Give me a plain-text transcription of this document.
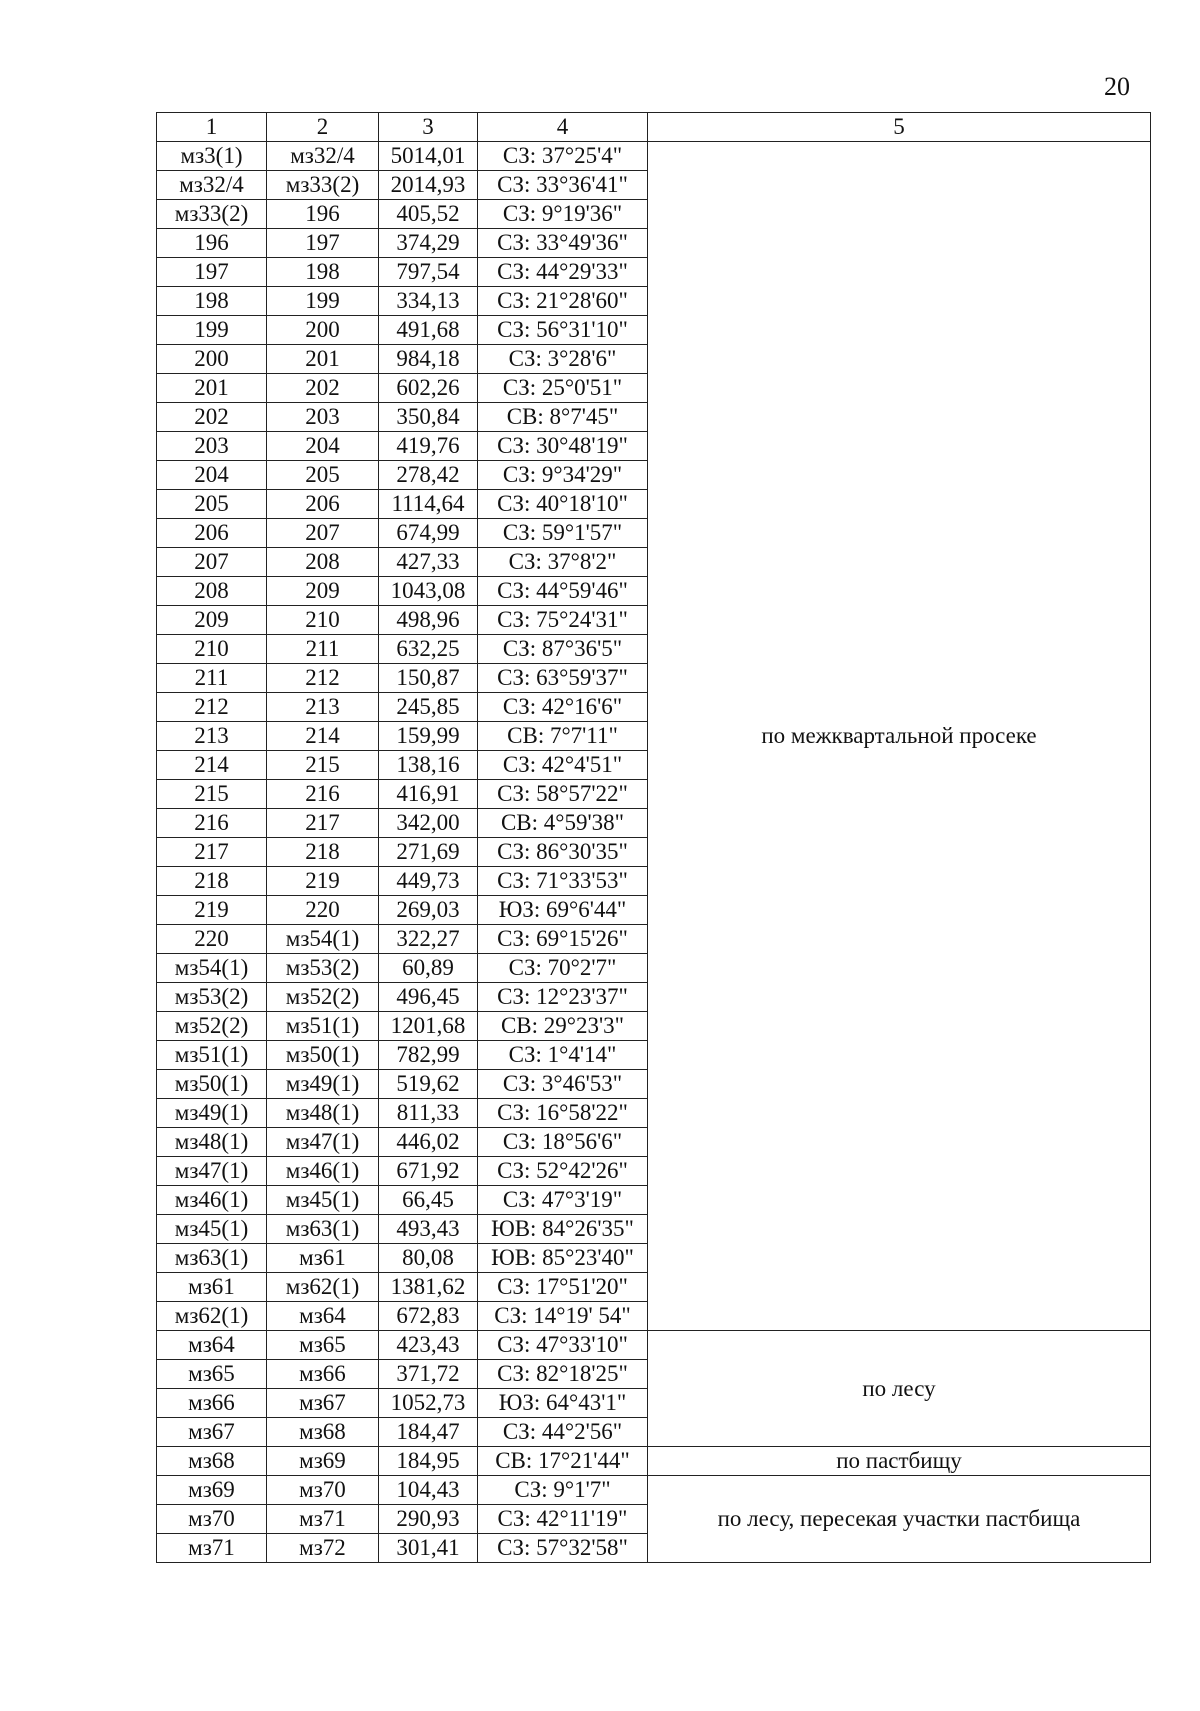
20
1	2	3	4	5
мз3(1)	мз32/4	5014,01	СЗ: 37°25'4"	по межквартальной просеке
мз32/4	мз33(2)	2014,93	СЗ: 33°36'41"	
мз33(2)	196	405,52	СЗ: 9°19'36"	
196	197	374,29	СЗ: 33°49'36"	
197	198	797,54	СЗ: 44°29'33"	
198	199	334,13	СЗ: 21°28'60"	
199	200	491,68	СЗ: 56°31'10"	
200	201	984,18	СЗ: 3°28'6"	
201	202	602,26	СЗ: 25°0'51"	
202	203	350,84	СВ: 8°7'45"	
203	204	419,76	СЗ: 30°48'19"	
204	205	278,42	СЗ: 9°34'29"	
205	206	1114,64	СЗ: 40°18'10"	
206	207	674,99	СЗ: 59°1'57"	
207	208	427,33	СЗ: 37°8'2"	
208	209	1043,08	СЗ: 44°59'46"	
209	210	498,96	СЗ: 75°24'31"	
210	211	632,25	СЗ: 87°36'5"	
211	212	150,87	СЗ: 63°59'37"	
212	213	245,85	СЗ: 42°16'6"	
213	214	159,99	СВ: 7°7'11"	
214	215	138,16	СЗ: 42°4'51"	
215	216	416,91	СЗ: 58°57'22"	
216	217	342,00	СВ: 4°59'38"	
217	218	271,69	СЗ: 86°30'35"	
218	219	449,73	СЗ: 71°33'53"	
219	220	269,03	ЮЗ: 69°6'44"	
220	мз54(1)	322,27	СЗ: 69°15'26"	
мз54(1)	мз53(2)	60,89	СЗ: 70°2'7"	
мз53(2)	мз52(2)	496,45	СЗ: 12°23'37"	
мз52(2)	мз51(1)	1201,68	СВ: 29°23'3"	
мз51(1)	мз50(1)	782,99	СЗ: 1°4'14"	
мз50(1)	мз49(1)	519,62	СЗ: 3°46'53"	
мз49(1)	мз48(1)	811,33	СЗ: 16°58'22"	
мз48(1)	мз47(1)	446,02	СЗ: 18°56'6"	
мз47(1)	мз46(1)	671,92	СЗ: 52°42'26"	
мз46(1)	мз45(1)	66,45	СЗ: 47°3'19"	
мз45(1)	мз63(1)	493,43	ЮВ: 84°26'35"	
мз63(1)	мз61	80,08	ЮВ: 85°23'40"	
мз61	мз62(1)	1381,62	СЗ: 17°51'20"	
мз62(1)	мз64	672,83	СЗ: 14°19' 54"	
мз64	мз65	423,43	СЗ: 47°33'10"	по лесу
мз65	мз66	371,72	СЗ: 82°18'25"	
мз66	мз67	1052,73	ЮЗ: 64°43'1"	
мз67	мз68	184,47	СЗ: 44°2'56"	
мз68	мз69	184,95	СВ: 17°21'44"	по пастбищу
мз69	мз70	104,43	СЗ: 9°1'7"	по лесу, пересекая участки пастбища
мз70	мз71	290,93	СЗ: 42°11'19"	
мз71	мз72	301,41	СЗ: 57°32'58"	
